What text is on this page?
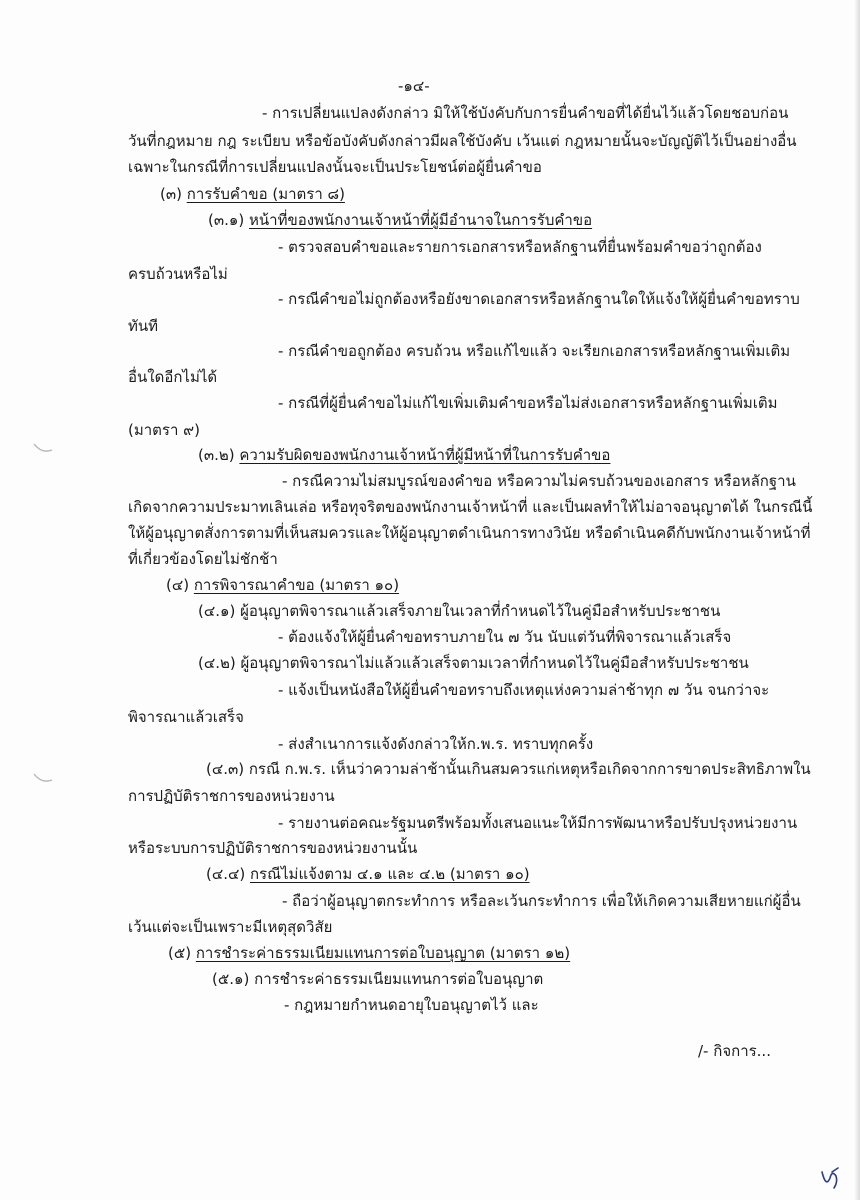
-๑๔-
- การเปลี่ยนแปลงดังกล่าว มิให้ใช้บังคับกับการยื่นคำขอที่ได้ยื่นไว้แล้วโดยชอบก่อน
วันที่กฎหมาย กฎ ระเบียบ หรือข้อบังคับดังกล่าวมีผลใช้บังคับ เว้นแต่ กฎหมายนั้นจะบัญญัติไว้เป็นอย่างอื่น
เฉพาะในกรณีที่การเปลี่ยนแปลงนั้นจะเป็นประโยชน์ต่อผู้ยื่นคำขอ
(๓) การรับคำขอ (มาตรา ๘)
(๓.๑) หน้าที่ของพนักงานเจ้าหน้าที่ผู้มีอำนาจในการรับคำขอ
- ตรวจสอบคำขอและรายการเอกสารหรือหลักฐานที่ยื่นพร้อมคำขอว่าถูกต้อง
ครบถ้วนหรือไม่
- กรณีคำขอไม่ถูกต้องหรือยังขาดเอกสารหรือหลักฐานใดให้แจ้งให้ผู้ยื่นคำขอทราบ
ทันที
- กรณีคำขอถูกต้อง ครบถ้วน หรือแก้ไขแล้ว จะเรียกเอกสารหรือหลักฐานเพิ่มเติม
อื่นใดอีกไม่ได้
- กรณีที่ผู้ยื่นคำขอไม่แก้ไขเพิ่มเติมคำขอหรือไม่ส่งเอกสารหรือหลักฐานเพิ่มเติม
(มาตรา ๙)
(๓.๒) ความรับผิดของพนักงานเจ้าหน้าที่ผู้มีหน้าที่ในการรับคำขอ
- กรณีความไม่สมบูรณ์ของคำขอ หรือความไม่ครบถ้วนของเอกสาร หรือหลักฐาน
เกิดจากความประมาทเลินเล่อ หรือทุจริตของพนักงานเจ้าหน้าที่ และเป็นผลทำให้ไม่อาจอนุญาตได้ ในกรณีนี้
ให้ผู้อนุญาตสั่งการตามที่เห็นสมควรและให้ผู้อนุญาตดำเนินการทางวินัย หรือดำเนินคดีกับพนักงานเจ้าหน้าที่
ที่เกี่ยวข้องโดยไม่ชักช้า
(๔) การพิจารณาคำขอ (มาตรา ๑๐)
(๔.๑) ผู้อนุญาตพิจารณาแล้วเสร็จภายในเวลาที่กำหนดไว้ในคู่มือสำหรับประชาชน
- ต้องแจ้งให้ผู้ยื่นคำขอทราบภายใน ๗ วัน นับแต่วันที่พิจารณาแล้วเสร็จ
(๔.๒) ผู้อนุญาตพิจารณาไม่แล้วแล้วเสร็จตามเวลาที่กำหนดไว้ในคู่มือสำหรับประชาชน
- แจ้งเป็นหนังสือให้ผู้ยื่นคำขอทราบถึงเหตุแห่งความล่าช้าทุก ๗ วัน จนกว่าจะ
พิจารณาแล้วเสร็จ
- ส่งสำเนาการแจ้งดังกล่าวให้ก.พ.ร. ทราบทุกครั้ง
(๔.๓) กรณี ก.พ.ร. เห็นว่าความล่าช้านั้นเกินสมควรแก่เหตุหรือเกิดจากการขาดประสิทธิภาพใน
การปฏิบัติราชการของหน่วยงาน
- รายงานต่อคณะรัฐมนตรีพร้อมทั้งเสนอแนะให้มีการพัฒนาหรือปรับปรุงหน่วยงาน
หรือระบบการปฏิบัติราชการของหน่วยงานนั้น
(๔.๔) กรณีไม่แจ้งตาม ๔.๑ และ ๔.๒ (มาตรา ๑๐)
- ถือว่าผู้อนุญาตกระทำการ หรือละเว้นกระทำการ เพื่อให้เกิดความเสียหายแก่ผู้อื่น
เว้นแต่จะเป็นเพราะมีเหตุสุดวิสัย
(๕) การชำระค่าธรรมเนียมแทนการต่อใบอนุญาต (มาตรา ๑๒)
(๕.๑) การชำระค่าธรรมเนียมแทนการต่อใบอนุญาต
- กฎหมายกำหนดอายุใบอนุญาตไว้ และ
/- กิจการ...
